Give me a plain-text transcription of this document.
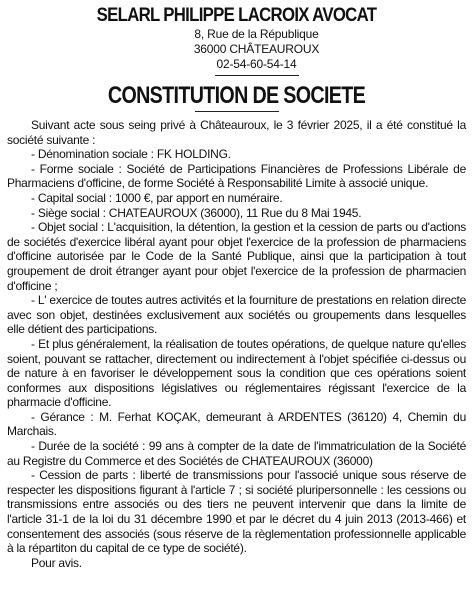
SELARL PHILIPPE LACROIX AVOCAT
8, Rue de la République
36000 CHÂTEAUROUX
02-54-60-54-14
CONSTITUTION DE SOCIETE

Suivant acte sous seing privé à Châteauroux, le 3 février 2025, il a été constitué la société suivante :

- Dénomination sociale : FK HOLDING.

- Forme sociale : Société de Participations Financières de Professions Libérale de Pharmaciens d'officine, de forme Société à Responsabilité Limite à associé unique.

- Capital social : 1000 €, par apport en numéraire.

- Siège social : CHATEAUROUX (36000), 11 Rue du 8 Mai 1945.

- Objet social : L'acquisition, la détention, la gestion et la cession de parts ou d'actions de sociétés d'exercice libéral ayant pour objet l'exercice de la profession de pharmaciens d'officine autorisée par le Code de la Santé Publique, ainsi que la participation à tout groupement de droit étranger ayant pour objet l'exercice de la profession de pharmacien d'officine ;

- L' exercice de toutes autres activités et la fourniture de prestations en relation directe avec son objet, destinées exclusivement aux sociétés ou groupements dans lesquelles elle détient des participations.

- Et plus généralement, la réalisation de toutes opérations, de quelque nature qu'elles soient, pouvant se rattacher, directement ou indirectement à l'objet spécifiée ci-dessus ou de nature à en favoriser le développement sous la condition que ces opérations soient conformes aux dispositions législatives ou réglementaires régissant l'exercice de la pharmacie d'officine.

- Gérance : M. Ferhat KOÇAK, demeurant à ARDENTES (36120) 4, Chemin du Marchais.

- Durée de la société : 99 ans à compter de la date de l'immatriculation de la Société au Registre du Commerce et des Sociétés de CHATEAUROUX (36000)

- Cession de parts : liberté de transmissions pour l'associé unique sous réserve de respecter les dispositions figurant à l'article 7 ; si société pluripersonnelle : les cessions ou transmissions entre associés ou des tiers ne peuvent intervenir que dans la limite de l'article 31-1 de la loi du 31 décembre 1990 et par le décret du 4 juin 2013 (2013-466) et consentement des associés (sous réserve de la règlementation professionnelle applicable à la répartiton du capital de ce type de société).

Pour avis.
